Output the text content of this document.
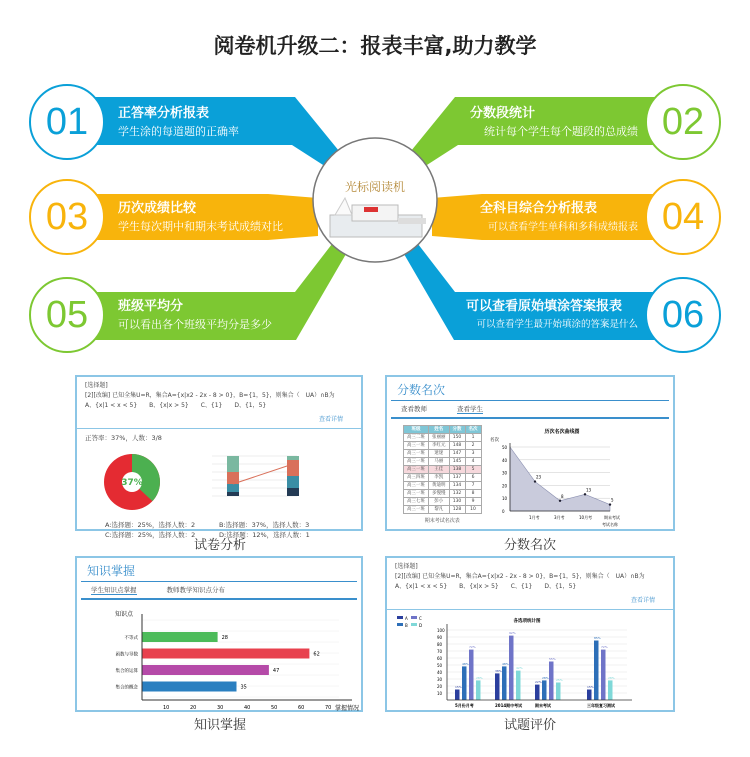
阅卷机升级二：报表丰富,助力教学
光标阅读机
01	正答率分析报表
学生涂的每道题的正确率	02
分数段统计
统计每个学生每个题段的总成绩
03	历次成绩比较
学生每次期中和期末考试成绩对比	04
全科目综合分析报表
可以查看学生单科和多科成绩报表
05	班级平均分
可以看出各个班级平均分是多少	06
可以查看原始填涂答案报表
可以查看学生最开始填涂的答案是什么
[选择题]
[2][改编] 已知全集U=R，集合A={x|x2 - 2x - 8 > 0}，B={1，5}，则集合（　UA）∩B为
A、{x|1 < x < 5}　　B、{x|x > 5}　　C、{1}　　D、{1，5}
查看详情
正答率：37%，人数：3/8
37%
A:选择题：25%，选择人数：2	B:选择题：37%，选择人数：3
C:选择题：25%，选择人数：2	D:选择题：12%，选择人数：1
试卷分析
分数名次
查看教师	查看学生
班级	姓名	分数	名次
高三二班	张丽丽	150	1
高三一班	李红元	148	2
高三一班	迷迷	147	3
高三一班	马丽	145	4
高三一班	王佳	138	5
高三四班	李凯	137	6
高三一班	黄迪明	134	7
高三一班	多慢慢	132	8
高三七班	彭小	130	9
高三一班	黎凡	128	10
期末考试名次表
历次名次曲线图
名次
考试名称
0
10
20
30
40
50
23
8
13
5
1月考	3月考	10月考	期末考试
分数名次
知识掌握
学生知识点掌握	教师教学知识点分布
知识点
掌握情况
28
不等式
62
函数与导数
47
集合的运算
35
集合的概念
10	20	30	40	50	60	70
知识掌握
[选择题]
[2][改编] 已知全集U=R，集合A={x|x2 - 2x - 8 > 0}，B={1，5}，则集合（　UA）∩B为
A、{x|1 < x < 5}　　B、{x|x > 5}　　C、{1}　　D、{1，5}
查看详情
A
B
C
D
各选项统计图
10
20
30
40
50
60
70
80
90
100
15%
48%
72%
28%
5月份月考
38%
48%
92%
42%
2014期中考试
22%
28%
55%
25%
期末考试
15%
85%
72%
28%
三年级复习测试
试题评价
